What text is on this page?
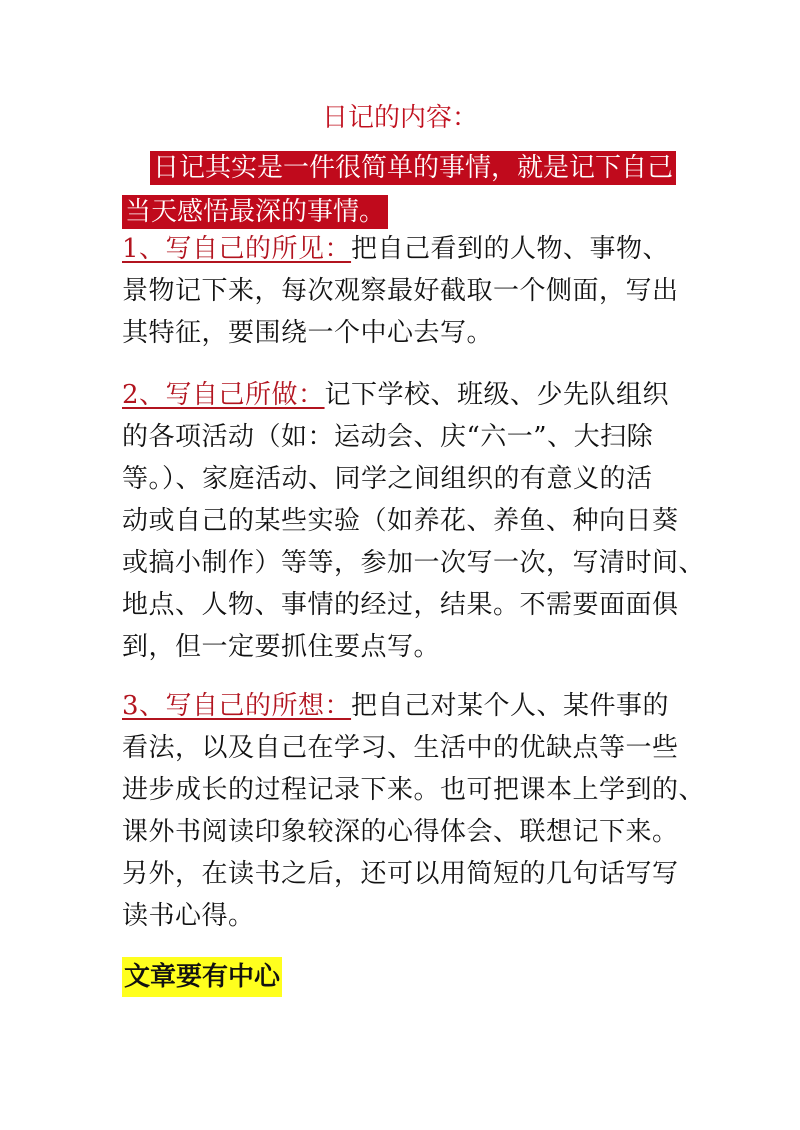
日记的内容：
日记其实是一件很简单的事情，就是记下自己
当天感悟最深的事情。
1、写自己的所见：把自己看到的人物、事物、
景物记下来，每次观察最好截取一个侧面，写出
其特征，要围绕一个中心去写。
2、写自己所做：记下学校、班级、少先队组织
的各项活动（如：运动会、庆“六一”、大扫除
等。）、家庭活动、同学之间组织的有意义的活
动或自己的某些实验（如养花、养鱼、种向日葵
或搞小制作）等等，参加一次写一次，写清时间、
地点、人物、事情的经过，结果。不需要面面俱
到，但一定要抓住要点写。
3、写自己的所想：把自己对某个人、某件事的
看法，以及自己在学习、生活中的优缺点等一些
进步成长的过程记录下来。也可把课本上学到的、
课外书阅读印象较深的心得体会、联想记下来。
另外，在读书之后，还可以用简短的几句话写写
读书心得。
文章要有中心
